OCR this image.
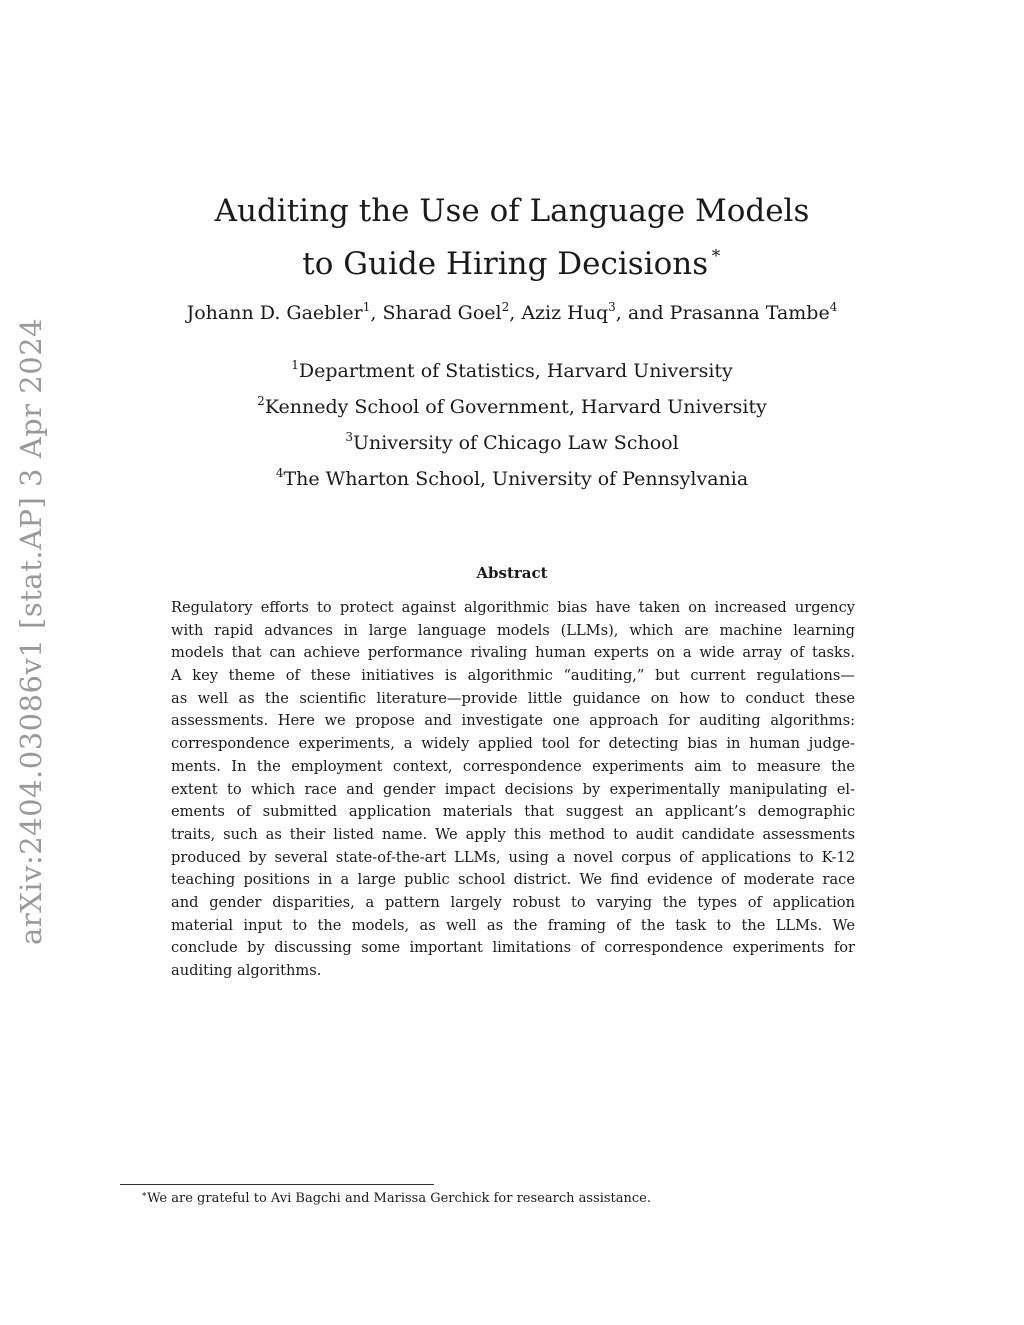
arXiv:2404.03086v1 [stat.AP] 3 Apr 2024
Auditing the Use of Language Models
to Guide Hiring Decisions ∗
Johann D. Gaebler$^1$, Sharad Goel$^2$, Aziz Huq$^3$, and Prasanna Tambe$^4$
$^1$Department of Statistics, Harvard University
$^2$Kennedy School of Government, Harvard University
$^3$University of Chicago Law School
$^4$The Wharton School, University of Pennsylvania
Abstract
Regulatory efforts to protect against algorithmic bias have taken on increased urgency
with rapid advances in large language models (LLMs), which are machine learning
models that can achieve performance rivaling human experts on a wide array of tasks.
A key theme of these initiatives is algorithmic “auditing,” but current regulations—
as well as the scientific literature—provide little guidance on how to conduct these
assessments. Here we propose and investigate one approach for auditing algorithms:
correspondence experiments, a widely applied tool for detecting bias in human judge-
ments. In the employment context, correspondence experiments aim to measure the
extent to which race and gender impact decisions by experimentally manipulating el-
ements of submitted application materials that suggest an applicant’s demographic
traits, such as their listed name. We apply this method to audit candidate assessments
produced by several state-of-the-art LLMs, using a novel corpus of applications to K-12
teaching positions in a large public school district. We find evidence of moderate race
and gender disparities, a pattern largely robust to varying the types of application
material input to the models, as well as the framing of the task to the LLMs. We
conclude by discussing some important limitations of correspondence experiments for
auditing algorithms.
∗We are grateful to Avi Bagchi and Marissa Gerchick for research assistance.
